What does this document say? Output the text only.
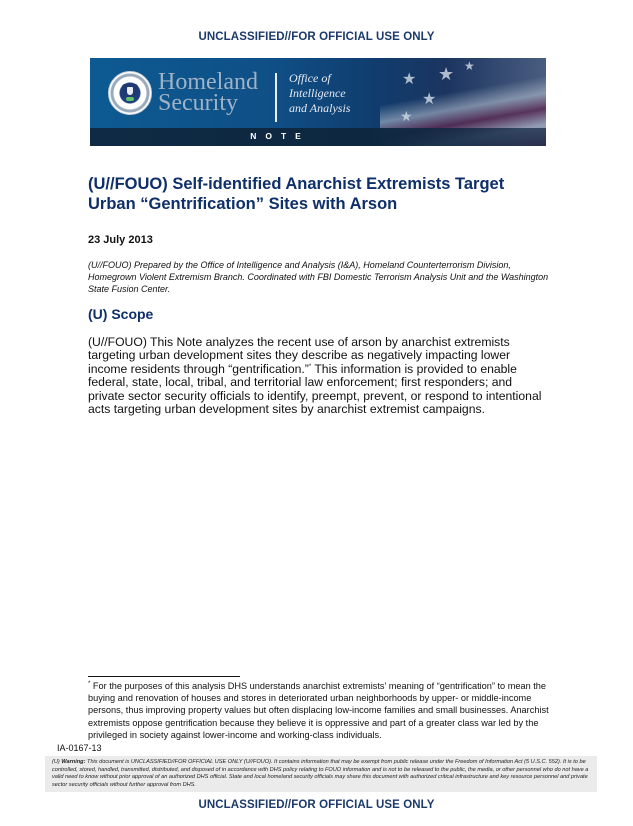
UNCLASSIFIED//FOR OFFICIAL USE ONLY
★
★
★
★
★
Homeland
Security
Office of
Intelligence
and Analysis
NOTE
(U//FOUO) Self-identified Anarchist Extremists Target Urban “Gentrification” Sites with Arson
23 July 2013
(U//FOUO) Prepared by the Office of Intelligence and Analysis (I&A), Homeland Counterterrorism Division, Homegrown Violent Extremism Branch. Coordinated with FBI Domestic Terrorism Analysis Unit and the Washington State Fusion Center.
(U) Scope
(U//FOUO) This Note analyzes the recent use of arson by anarchist extremists targeting urban development sites they describe as negatively impacting lower income residents through “gentrification.”* This information is provided to enable federal, state, local, tribal, and territorial law enforcement; first responders; and private sector security officials to identify, preempt, prevent, or respond to intentional acts targeting urban development sites by anarchist extremist campaigns.
* For the purposes of this analysis DHS understands anarchist extremists’ meaning of “gentrification” to mean the buying and renovation of houses and stores in deteriorated urban neighborhoods by upper- or middle-income persons, thus improving property values but often displacing low-income families and small businesses. Anarchist extremists oppose gentrification because they believe it is oppressive and part of a greater class war led by the privileged in society against lower-income and working-class individuals.
IA-0167-13
(U) Warning: This document is UNCLASSIFIED//FOR OFFICIAL USE ONLY (U//FOUO). It contains information that may be exempt from public release under the Freedom of Information Act (5 U.S.C. 552). It is to be controlled, stored, handled, transmitted, distributed, and disposed of in accordance with DHS policy relating to FOUO information and is not to be released to the public, the media, or other personnel who do not have a valid need to know without prior approval of an authorized DHS official. State and local homeland security officials may share this document with authorized critical infrastructure and key resource personnel and private sector security officials without further approval from DHS.
UNCLASSIFIED//FOR OFFICIAL USE ONLY
